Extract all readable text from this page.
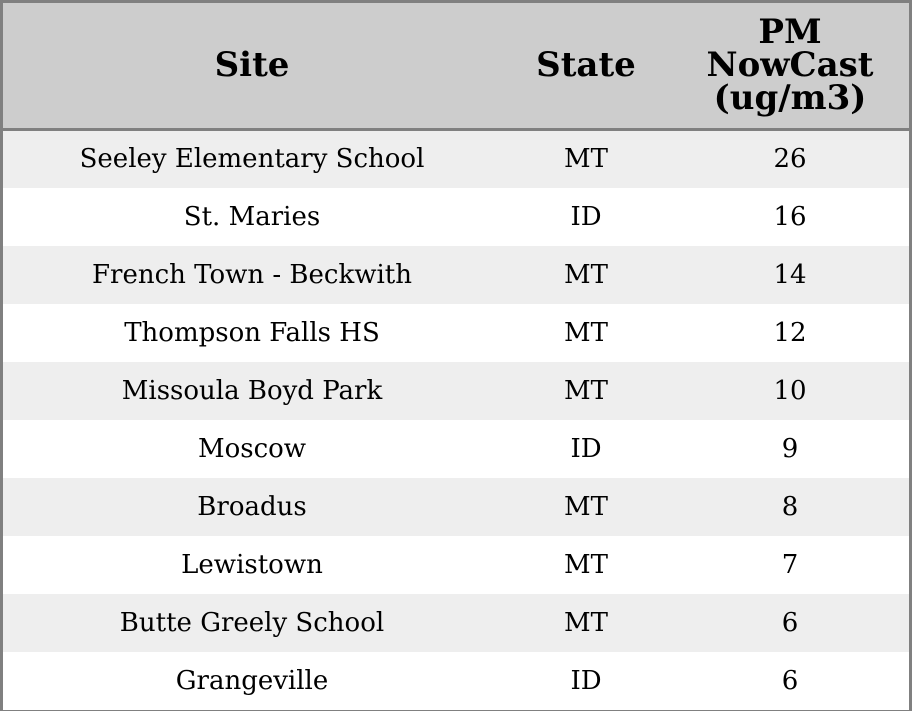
Site	State	PM
NowCast
(ug/m3)

Seeley Elementary School	MT	26
St. Maries	ID	16
French Town - Beckwith	MT	14
Thompson Falls HS	MT	12
Missoula Boyd Park	MT	10
Moscow	ID	9
Broadus	MT	8
Lewistown	MT	7
Butte Greely School	MT	6
Grangeville	ID	6
